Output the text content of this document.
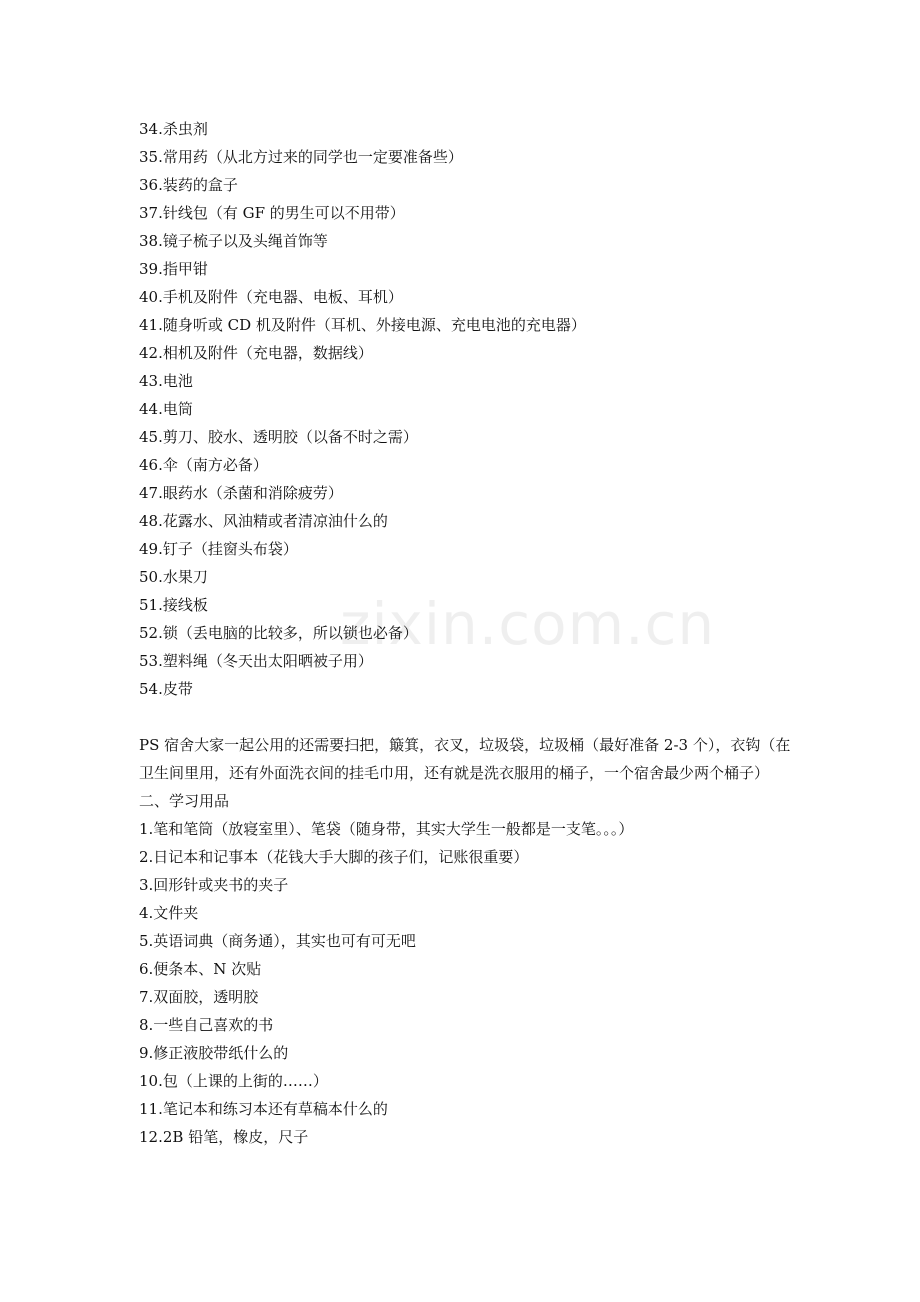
zixin.com.cn
34.杀虫剂
35.常用药（从北方过来的同学也一定要准备些）
36.装药的盒子
37.针线包（有 GF 的男生可以不用带）
38.镜子梳子以及头绳首饰等
39.指甲钳
40.手机及附件（充电器、电板、耳机）
41.随身听或 CD 机及附件（耳机、外接电源、充电电池的充电器）
42.相机及附件（充电器，数据线）
43.电池
44.电筒
45.剪刀、胶水、透明胶（以备不时之需）
46.伞（南方必备）
47.眼药水（杀菌和消除疲劳）
48.花露水、风油精或者清凉油什么的
49.钉子（挂窗头布袋）
50.水果刀
51.接线板
52.锁（丢电脑的比较多，所以锁也必备）
53.塑料绳（冬天出太阳晒被子用）
54.皮带
PS 宿舍大家一起公用的还需要扫把，簸箕，衣叉，垃圾袋，垃圾桶（最好准备 2-3 个），衣钩（在卫生间里用，还有外面洗衣间的挂毛巾用，还有就是洗衣服用的桶子，一个宿舍最少两个桶子）
二、学习用品
1.笔和笔筒（放寝室里）、笔袋（随身带，其实大学生一般都是一支笔。。。）
2.日记本和记事本（花钱大手大脚的孩子们，记账很重要）
3.回形针或夹书的夹子
4.文件夹
5.英语词典（商务通），其实也可有可无吧
6.便条本、N 次贴
7.双面胶，透明胶
8.一些自己喜欢的书
9.修正液胶带纸什么的
10.包（上课的上街的……）
11.笔记本和练习本还有草稿本什么的
12.2B 铅笔，橡皮，尺子
